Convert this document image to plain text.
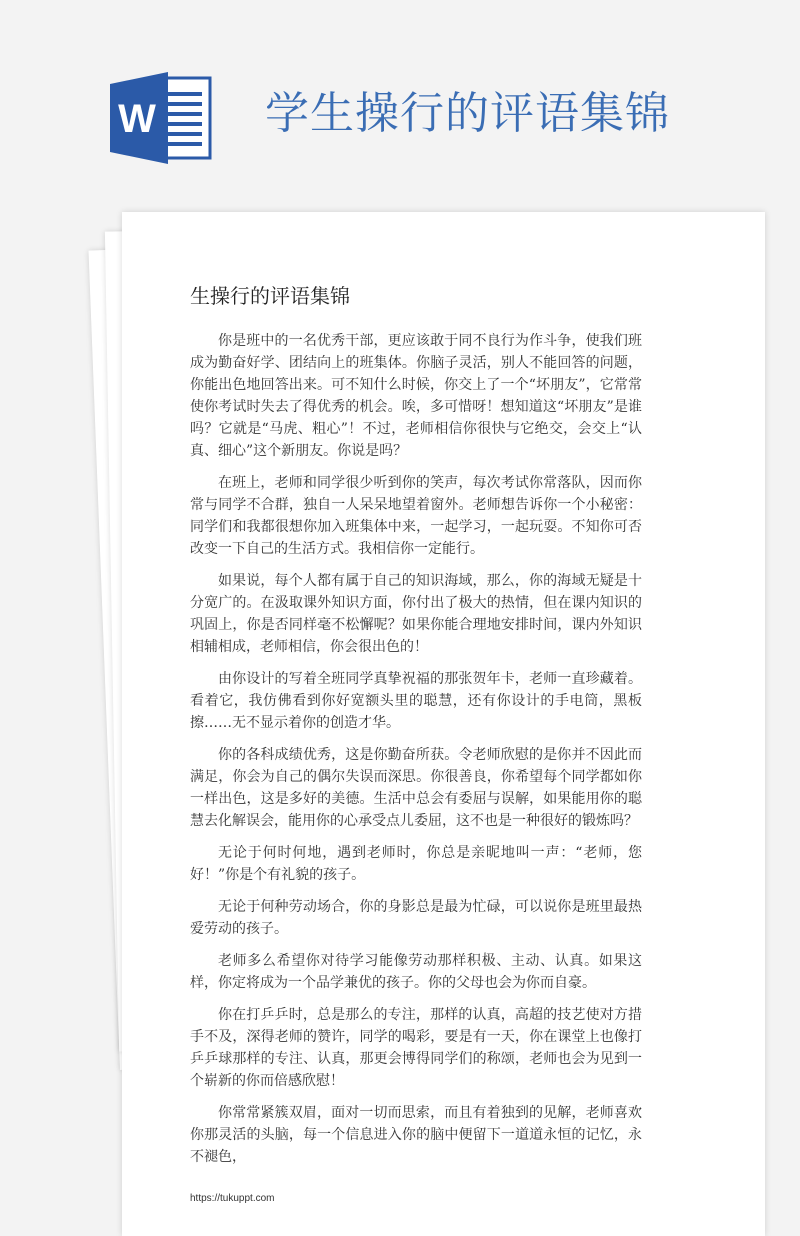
W 学生操行的评语集锦
生操行的评语集锦

你是班中的一名优秀干部，更应该敢于同不良行为作斗争，使我们班成为勤奋好学、团结向上的班集体。你脑子灵活，别人不能回答的问题，你能出色地回答出来。可不知什么时候，你交上了一个“坏朋友”，它常常使你考试时失去了得优秀的机会。唉，多可惜呀！想知道这“坏朋友”是谁吗？它就是“马虎、粗心”！不过，老师相信你很快与它绝交，会交上“认真、细心”这个新朋友。你说是吗？

在班上，老师和同学很少听到你的笑声，每次考试你常落队，因而你常与同学不合群，独自一人呆呆地望着窗外。老师想告诉你一个小秘密：同学们和我都很想你加入班集体中来，一起学习，一起玩耍。不知你可否改变一下自己的生活方式。我相信你一定能行。

如果说，每个人都有属于自己的知识海域，那么，你的海域无疑是十分宽广的。在汲取课外知识方面，你付出了极大的热情，但在课内知识的巩固上，你是否同样毫不松懈呢？如果你能合理地安排时间，课内外知识相辅相成，老师相信，你会很出色的！

由你设计的写着全班同学真挚祝福的那张贺年卡，老师一直珍藏着。看着它，我仿佛看到你好宽额头里的聪慧，还有你设计的手电筒，黑板擦……无不显示着你的创造才华。

你的各科成绩优秀，这是你勤奋所获。令老师欣慰的是你并不因此而满足，你会为自己的偶尔失误而深思。你很善良，你希望每个同学都如你一样出色，这是多好的美德。生活中总会有委屈与误解，如果能用你的聪慧去化解误会，能用你的心承受点儿委屈，这不也是一种很好的锻炼吗？

无论于何时何地，遇到老师时，你总是亲昵地叫一声：“老师，您好！”你是个有礼貌的孩子。

无论于何种劳动场合，你的身影总是最为忙碌，可以说你是班里最热爱劳动的孩子。

老师多么希望你对待学习能像劳动那样积极、主动、认真。如果这样，你定将成为一个品学兼优的孩子。你的父母也会为你而自豪。

你在打乒乒时，总是那么的专注，那样的认真，高超的技艺使对方措手不及，深得老师的赞许，同学的喝彩，要是有一天，你在课堂上也像打乒乒球那样的专注、认真，那更会博得同学们的称颂，老师也会为见到一个崭新的你而倍感欣慰！

你常常紧簇双眉，面对一切而思索，而且有着独到的见解，老师喜欢你那灵活的头脑，每一个信息进入你的脑中便留下一道道永恒的记忆，永不褪色，

https://tukuppt.com
